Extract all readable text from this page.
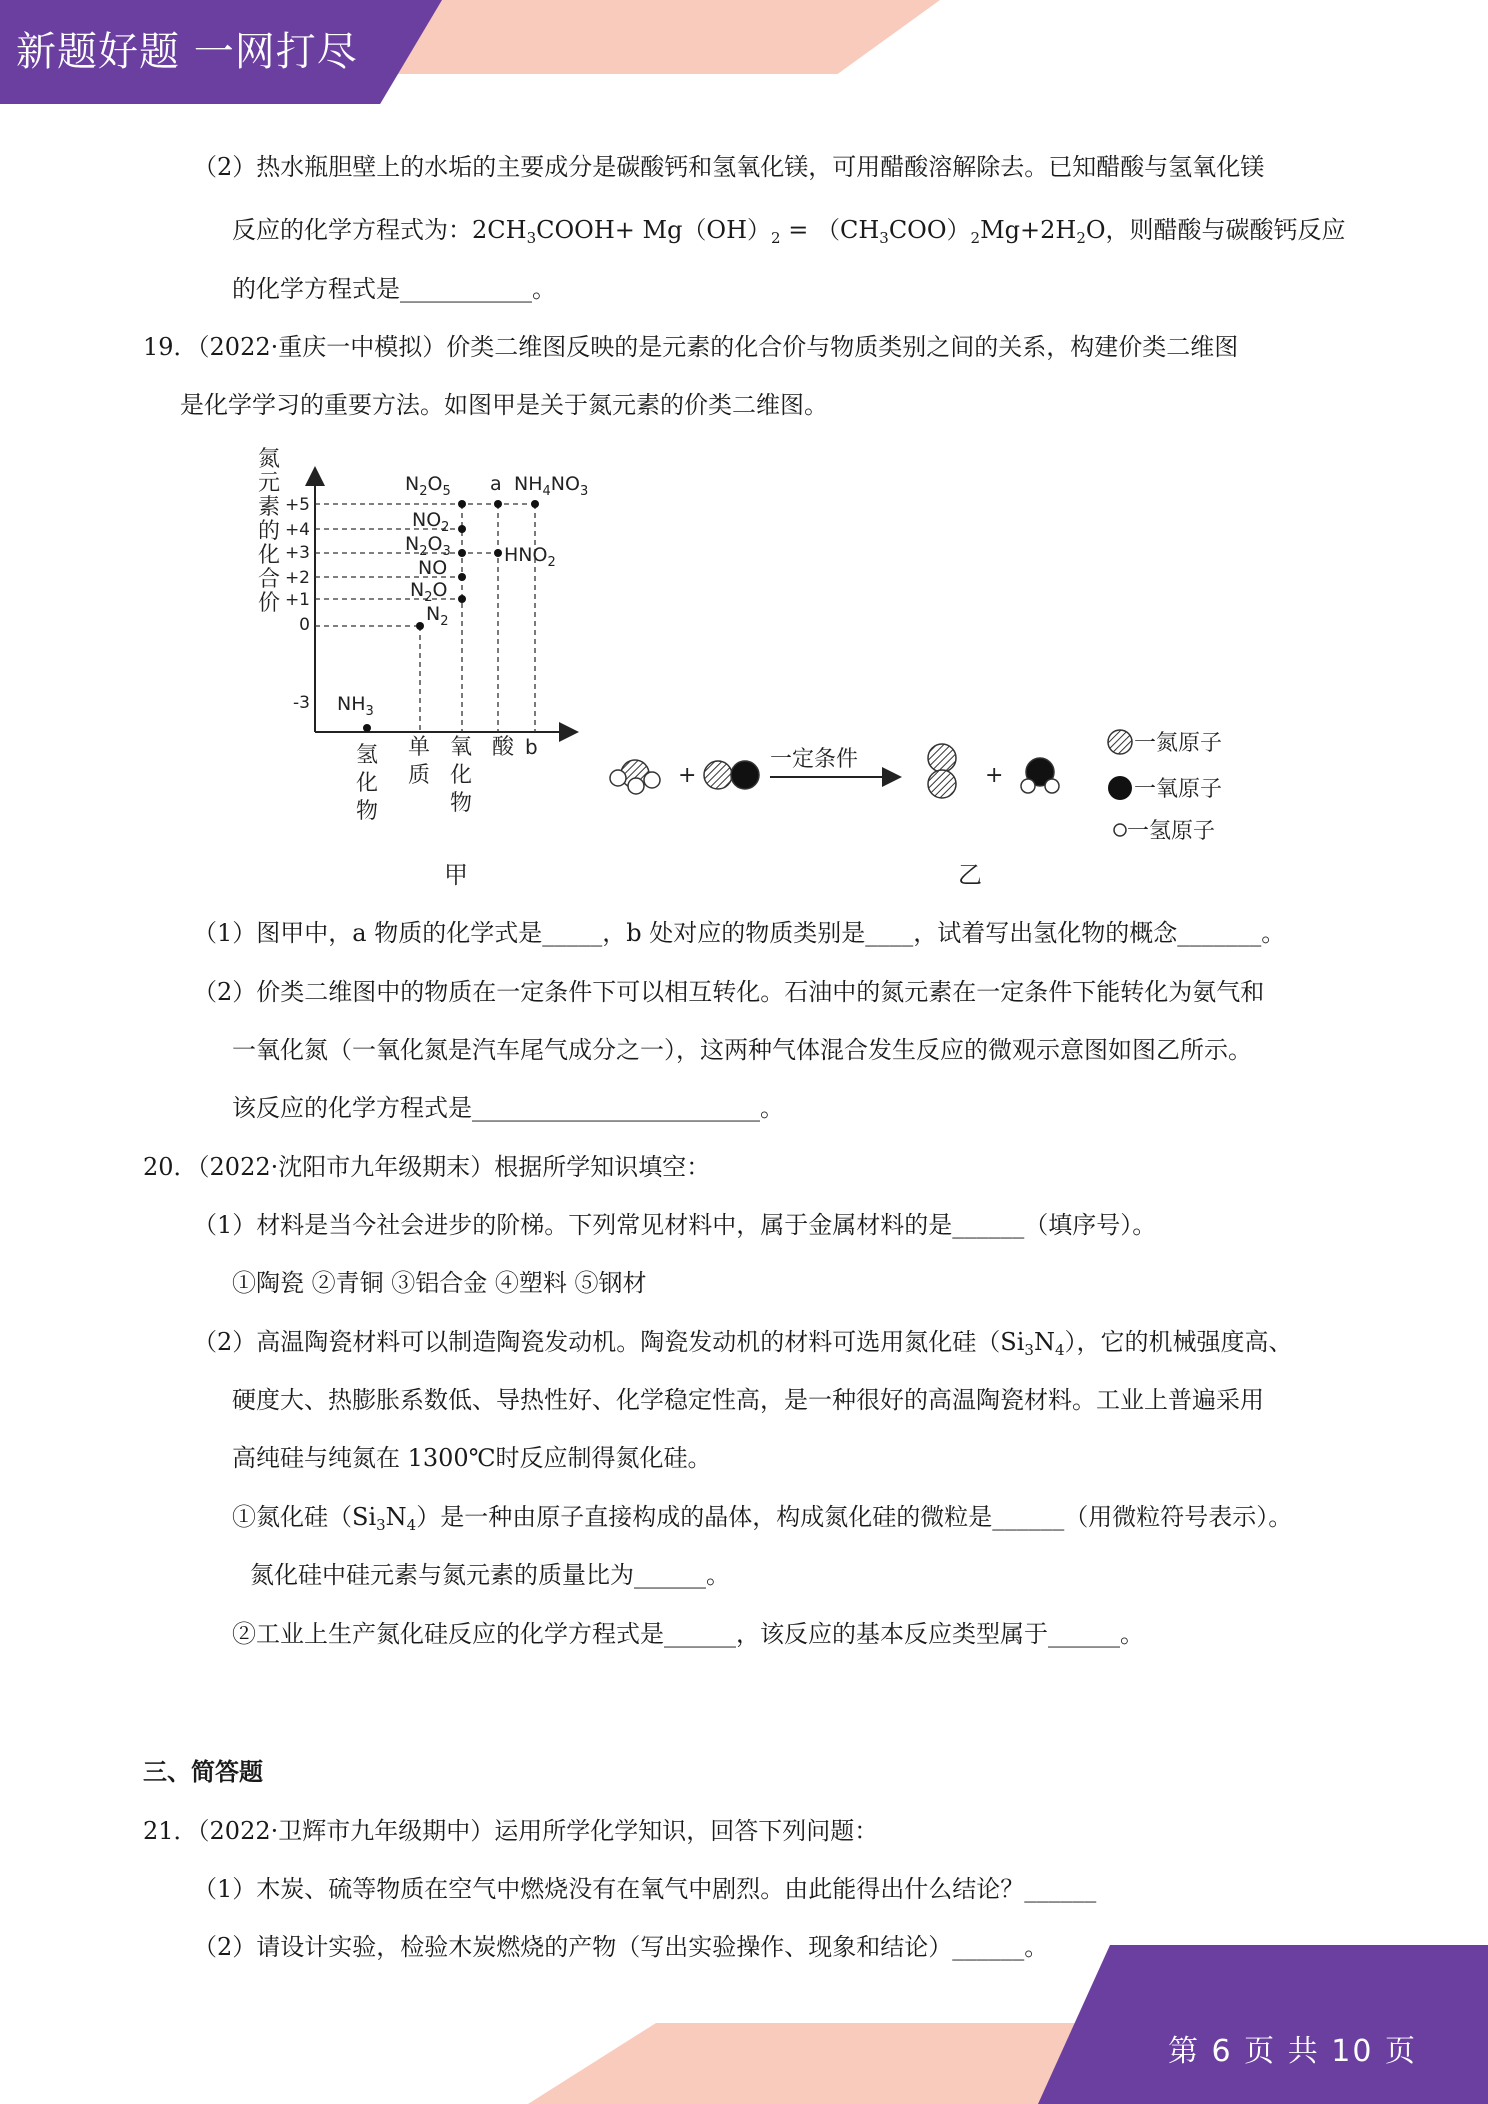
新题好题 一网打尽
（2）热水瓶胆壁上的水垢的主要成分是碳酸钙和氢氧化镁，可用醋酸溶解除去。已知醋酸与氢氧化镁
反应的化学方程式为：$2CH_3COOH+ Mg(OH)_2 = (CH_3COO)_2Mg+2H_2O$，则醋酸与碳酸钙反应
的化学方程式是___________。
19．（2022·重庆一中模拟）价类二维图反映的是元素的化合价与物质类别之间的关系，构建价类二维图
是化学学习的重要方法。如图甲是关于氮元素的价类二维图。
氮
元
素
的
化
合
价
+5
+4
+3
+2
+1
0
-3 $NH_3$
$N_2$
$N_2O$
NO
$N_2O_3$
$NO_2$
$N_2O_5$ a $NH_4NO_3$
$HNO_2$
氢
化
物
单
质
氧
化
物
酸 b
甲
+
一定条件
+
一氮原子
一氧原子
一氢原子
乙
（1）图甲中，a 物质的化学式是_____，b 处对应的物质类别是____，试着写出氢化物的概念_______。
（2）价类二维图中的物质在一定条件下可以相互转化。石油中的氮元素在一定条件下能转化为氨气和
一氧化氮（一氧化氮是汽车尾气成分之一），这两种气体混合发生反应的微观示意图如图乙所示。
该反应的化学方程式是________________________。
20．（2022·沈阳市九年级期末）根据所学知识填空：
（1）材料是当今社会进步的阶梯。下列常见材料中，属于金属材料的是______（填序号）。
①陶瓷 ②青铜 ③铝合金 ④塑料 ⑤钢材
（2）高温陶瓷材料可以制造陶瓷发动机。陶瓷发动机的材料可选用氮化硅$(Si_3N_4)$，它的机械强度高、
硬度大、热膨胀系数低、导热性好、化学稳定性高，是一种很好的高温陶瓷材料。工业上普遍采用
高纯硅与纯氮在 1300℃时反应制得氮化硅。
①氮化硅$(Si_3N_4)$是一种由原子直接构成的晶体，构成氮化硅的微粒是______（用微粒符号表示）。
氮化硅中硅元素与氮元素的质量比为______。
②工业上生产氮化硅反应的化学方程式是______，该反应的基本反应类型属于______。
三、简答题
21．（2022·卫辉市九年级期中）运用所学化学知识，回答下列问题：
（1）木炭、硫等物质在空气中燃烧没有在氧气中剧烈。由此能得出什么结论？______
（2）请设计实验，检验木炭燃烧的产物（写出实验操作、现象和结论）______。
第 6 页 共 10 页
